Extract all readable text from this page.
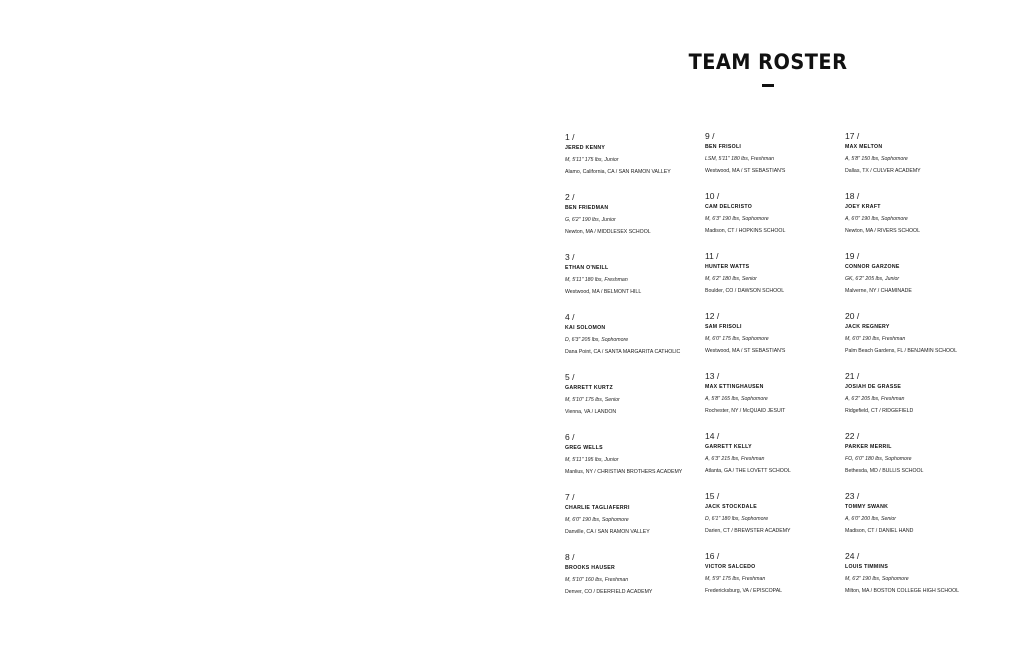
TEAM ROSTER
1 /
JERED KENNY
M, 5'11" 175 lbs, Junior
Alamo, California, CA / SAN RAMON VALLEY
2 /
BEN FRIEDMAN
G, 6'2" 190 lbs, Junior
Newton, MA / MIDDLESEX SCHOOL
3 /
ETHAN O'NEILL
M, 5'11" 180 lbs, Freshman
Westwood, MA / BELMONT HILL
4 /
KAI SOLOMON
D, 6'3" 205 lbs, Sophomore
Dana Point, CA / SANTA MARGARITA CATHOLIC
5 /
GARRETT KURTZ
M, 5'10" 175 lbs, Senior
Vienna, VA / LANDON
6 /
GREG WELLS
M, 5'11" 195 lbs, Junior
Manlius, NY / CHRISTIAN BROTHERS ACADEMY
7 /
CHARLIE TAGLIAFERRI
M, 6'0" 190 lbs, Sophomore
Danville, CA / SAN RAMON VALLEY
8 /
BROOKS HAUSER
M, 5'10" 160 lbs, Freshman
Denver, CO / DEERFIELD ACADEMY
9 /
BEN FRISOLI
LSM, 5'11" 180 lbs, Freshman
Westwood, MA / ST SEBASTIAN'S
10 /
CAM DELCRISTO
M, 6'3" 190 lbs, Sophomore
Madison, CT / HOPKINS SCHOOL
11 /
HUNTER WATTS
M, 6'2" 180 lbs, Senior
Boulder, CO / DAWSON SCHOOL
12 /
SAM FRISOLI
M, 6'0" 175 lbs, Sophomore
Westwood, MA / ST SEBASTIAN'S
13 /
MAX ETTINGHAUSEN
A, 5'8" 165 lbs, Sophomore
Rochester, NY / McQUAID JESUIT
14 /
GARRETT KELLY
A, 6'3" 215 lbs, Freshman
Atlanta, GA / THE LOVETT SCHOOL
15 /
JACK STOCKDALE
D, 6'1" 180 lbs, Sophomore
Darien, CT / BREWSTER ACADEMY
16 /
VICTOR SALCEDO
M, 5'9" 175 lbs, Freshman
Fredericksburg, VA / EPISCOPAL
17 /
MAX MELTON
A, 5'8" 150 lbs, Sophomore
Dallas, TX / CULVER ACADEMY
18 /
JOEY KRAFT
A, 6'0" 190 lbs, Sophomore
Newton, MA / RIVERS SCHOOL
19 /
CONNOR GARZONE
GK, 6'2" 205 lbs, Junior
Malverne, NY / CHAMINADE
20 /
JACK REGNERY
M, 6'0" 190 lbs, Freshman
Palm Beach Gardens, FL / BENJAMIN SCHOOL
21 /
JOSIAH DE GRASSE
A, 6'2" 205 lbs, Freshman
Ridgefield, CT / RIDGEFIELD
22 /
PARKER MERRIL
FO, 6'0" 180 lbs, Sophomore
Bethesda, MD / BULLIS SCHOOL
23 /
TOMMY SWANK
A, 6'0" 200 lbs, Senior
Madison, CT / DANIEL HAND
24 /
LOUIS TIMMINS
M, 6'2" 190 lbs, Sophomore
Milton, MA / BOSTON COLLEGE HIGH SCHOOL
